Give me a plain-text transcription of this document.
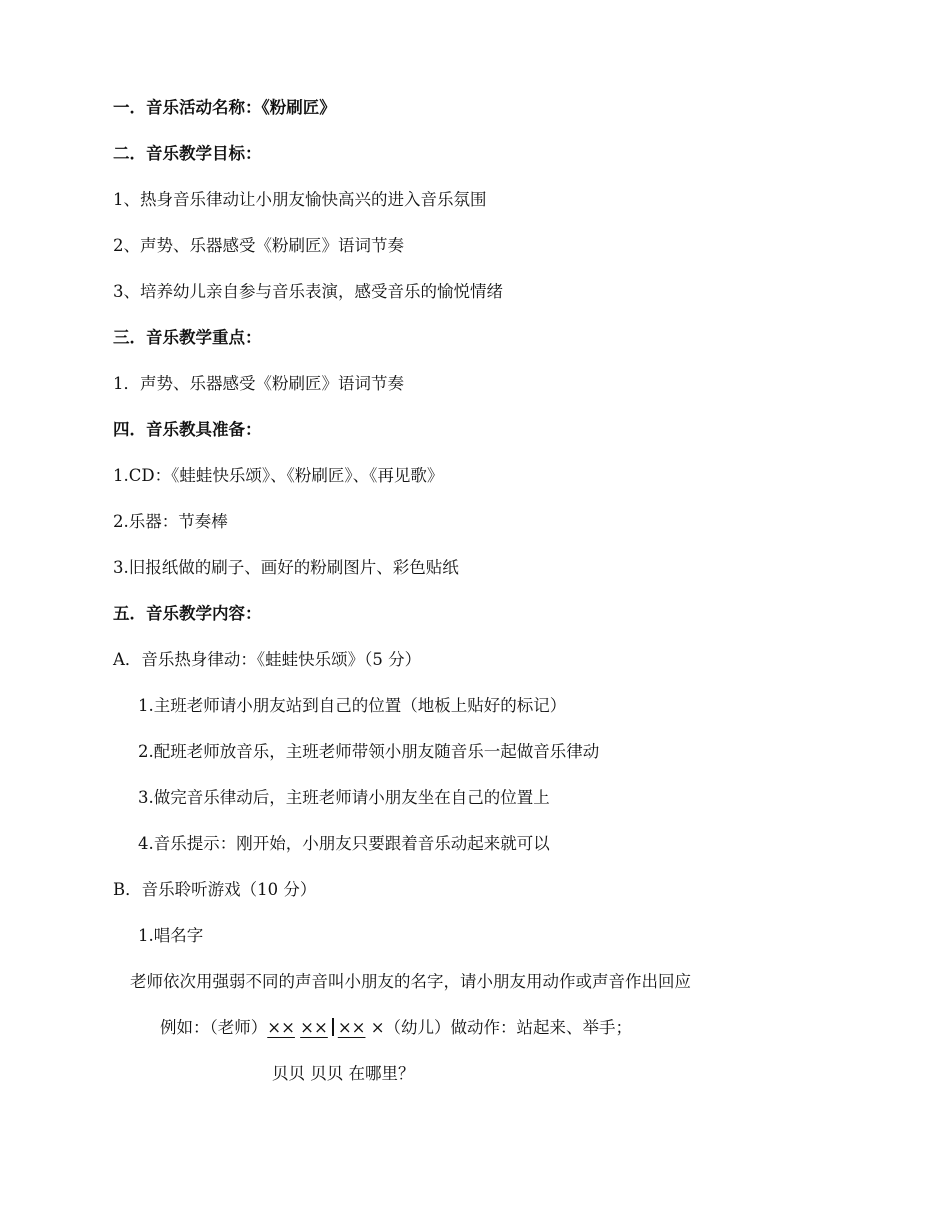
一．音乐活动名称：《粉刷匠》
二．音乐教学目标：
1、热身音乐律动让小朋友愉快高兴的进入音乐氛围
2、声势、乐器感受《粉刷匠》语词节奏
3、培养幼儿亲自参与音乐表演，感受音乐的愉悦情绪
三．音乐教学重点：
1．声势、乐器感受《粉刷匠》语词节奏
四．音乐教具准备：
1.CD：《蛙蛙快乐颂》、《粉刷匠》、《再见歌》
2.乐器：节奏棒
3.旧报纸做的刷子、画好的粉刷图片、彩色贴纸
五．音乐教学内容：
A．音乐热身律动：《蛙蛙快乐颂》（5 分）
1.主班老师请小朋友站到自己的位置（地板上贴好的标记）
2.配班老师放音乐，主班老师带领小朋友随音乐一起做音乐律动
3.做完音乐律动后，主班老师请小朋友坐在自己的位置上
4.音乐提示：刚开始，小朋友只要跟着音乐动起来就可以
B．音乐聆听游戏（10 分）
1.唱名字
老师依次用强弱不同的声音叫小朋友的名字，请小朋友用动作或声音作出回应
例如：（老师）×× ×× ×× ×（幼儿）做动作：站起来、举手；
贝贝 贝贝 在哪里？
